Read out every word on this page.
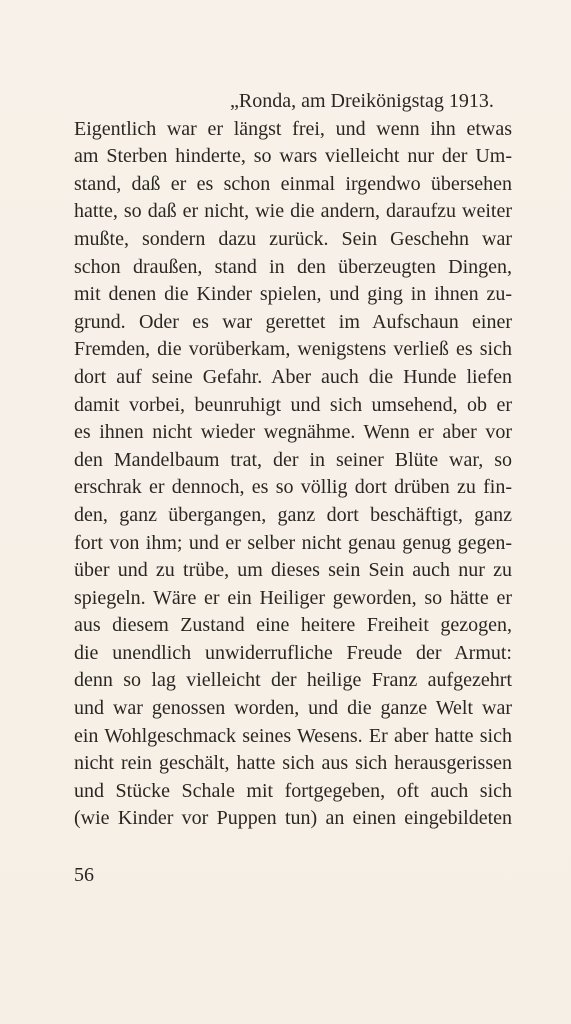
„Ronda, am Dreikönigstag 1913.
Eigentlich war er längst frei, und wenn ihn etwas
am Sterben hinderte, so wars vielleicht nur der Um-
stand, daß er es schon einmal irgendwo übersehen
hatte, so daß er nicht, wie die andern, daraufzu weiter
mußte, sondern dazu zurück. Sein Geschehn war
schon draußen, stand in den überzeugten Dingen,
mit denen die Kinder spielen, und ging in ihnen zu-
grund. Oder es war gerettet im Aufschaun einer
Fremden, die vorüberkam, wenigstens verließ es sich
dort auf seine Gefahr. Aber auch die Hunde liefen
damit vorbei, beunruhigt und sich umsehend, ob er
es ihnen nicht wieder wegnähme. Wenn er aber vor
den Mandelbaum trat, der in seiner Blüte war, so
erschrak er dennoch, es so völlig dort drüben zu fin-
den, ganz übergangen, ganz dort beschäftigt, ganz
fort von ihm; und er selber nicht genau genug gegen-
über und zu trübe, um dieses sein Sein auch nur zu
spiegeln. Wäre er ein Heiliger geworden, so hätte er
aus diesem Zustand eine heitere Freiheit gezogen,
die unendlich unwiderrufliche Freude der Armut:
denn so lag vielleicht der heilige Franz aufgezehrt
und war genossen worden, und die ganze Welt war
ein Wohlgeschmack seines Wesens. Er aber hatte sich
nicht rein geschält, hatte sich aus sich herausgerissen
und Stücke Schale mit fortgegeben, oft auch sich
(wie Kinder vor Puppen tun) an einen eingebildeten
56
